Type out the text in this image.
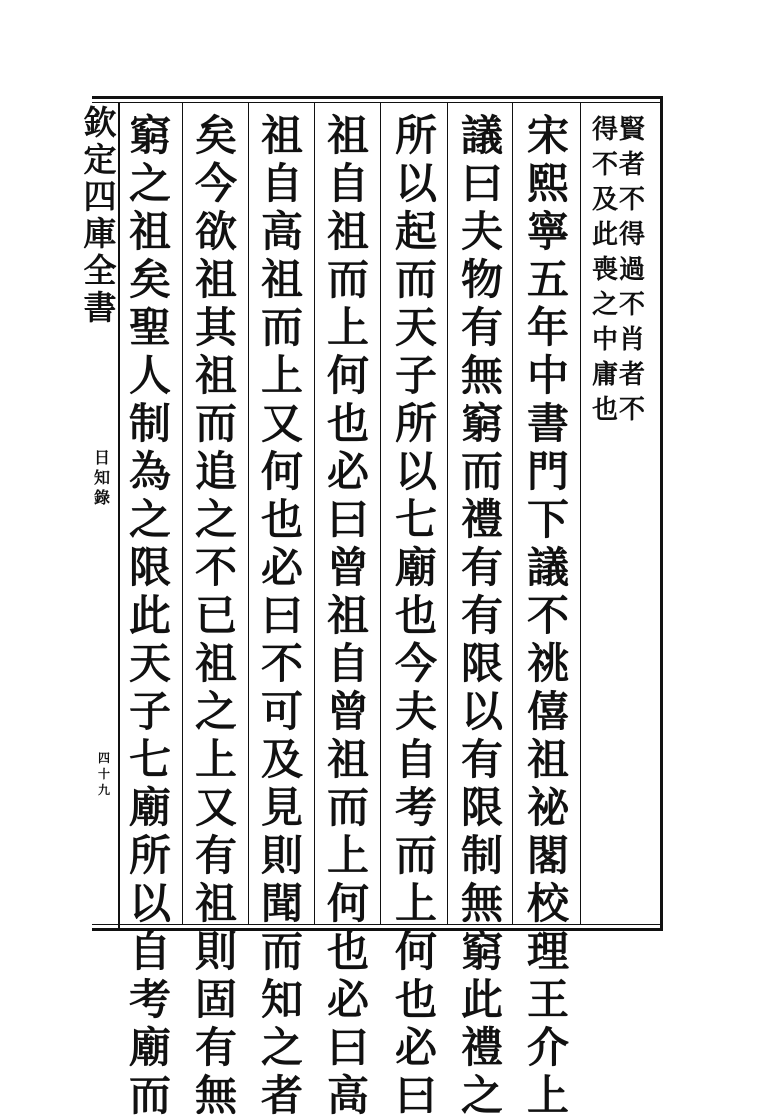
賢
者
不
得
過
不
肖
者
不
得
不
及
此
喪
之
中
庸
也
宋
熙
寧
五
年
中
書
門
下
議
不
祧
僖
祖
祕
閣
校
理
王
介
上
議
曰
夫
物
有
無
窮
而
禮
有
有
限
以
有
限
制
無
窮
此
禮
之
所
以
起
而
天
子
所
以
七
廟
也
今
夫
自
考
而
上
何
也
必
曰
祖
自
祖
而
上
何
也
必
曰
曾
祖
自
曾
祖
而
上
何
也
必
曰
高
祖
自
高
祖
而
上
又
何
也
必
曰
不
可
及
見
則
聞
而
知
之
者
矣
今
欲
祖
其
祖
而
追
之
不
已
祖
之
上
又
有
祖
則
固
有
無
窮
之
祖
矣
聖
人
制
為
之
限
此
天
子
七
廟
所
以
自
考
廟
而
欽
定
四
庫
全
書
日
知
錄
四
十
九
